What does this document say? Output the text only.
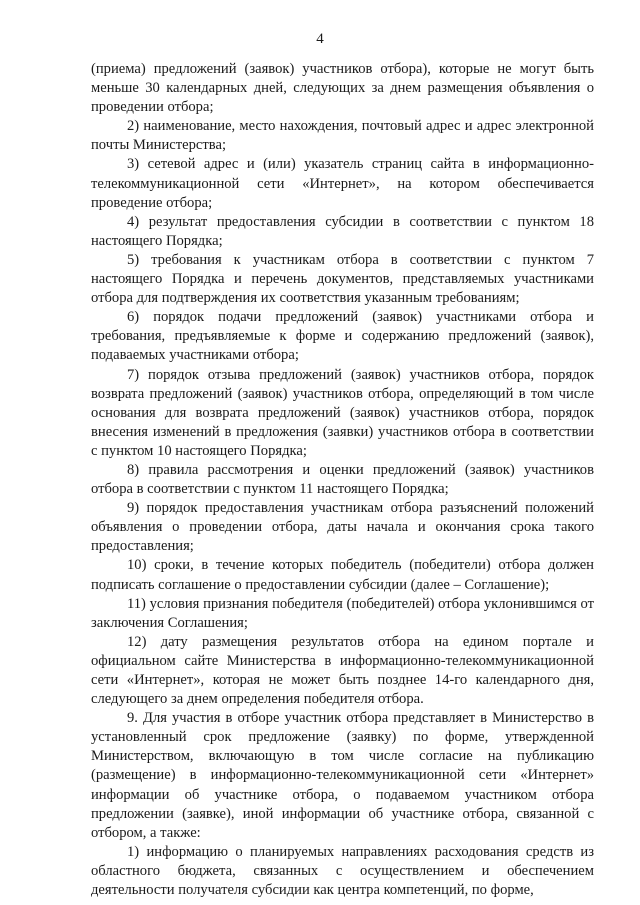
4

(приема) предложений (заявок) участников отбора), которые не могут быть меньше 30 календарных дней, следующих за днем размещения объявления о проведении отбора;

2) наименование, место нахождения, почтовый адрес и адрес электронной почты Министерства;

3) сетевой адрес и (или) указатель страниц сайта в информационно-телекоммуникационной сети «Интернет», на котором обеспечивается проведение отбора;

4) результат предоставления субсидии в соответствии с пунктом 18 настоящего Порядка;

5) требования к участникам отбора в соответствии с пунктом 7 настоящего Порядка и перечень документов, представляемых участниками отбора для подтверждения их соответствия указанным требованиям;

6) порядок подачи предложений (заявок) участниками отбора и требования, предъявляемые к форме и содержанию предложений (заявок), подаваемых участниками отбора;

7) порядок отзыва предложений (заявок) участников отбора, порядок возврата предложений (заявок) участников отбора, определяющий в том числе основания для возврата предложений (заявок) участников отбора, порядок внесения изменений в предложения (заявки) участников отбора в соответствии с пунктом 10 настоящего Порядка;

8) правила рассмотрения и оценки предложений (заявок) участников отбора в соответствии с пунктом 11 настоящего Порядка;

9) порядок предоставления участникам отбора разъяснений положений объявления о проведении отбора, даты начала и окончания срока такого предоставления;

10) сроки, в течение которых победитель (победители) отбора должен подписать соглашение о предоставлении субсидии (далее – Соглашение);

11) условия признания победителя (победителей) отбора уклонившимся от заключения Соглашения;

12) дату размещения результатов отбора на едином портале и официальном сайте Министерства в информационно-телекоммуникационной сети «Интернет», которая не может быть позднее 14-го календарного дня, следующего за днем определения победителя отбора.

9. Для участия в отборе участник отбора представляет в Министерство в установленный срок предложение (заявку) по форме, утвержденной Министерством, включающую в том числе согласие на публикацию (размещение) в информационно-телекоммуникационной сети «Интернет» информации об участнике отбора, о подаваемом участником отбора предложении (заявке), иной информации об участнике отбора, связанной с отбором, а также:

1) информацию о планируемых направлениях расходования средств из областного бюджета, связанных с осуществлением и обеспечением деятельности получателя субсидии как центра компетенций, по форме,
